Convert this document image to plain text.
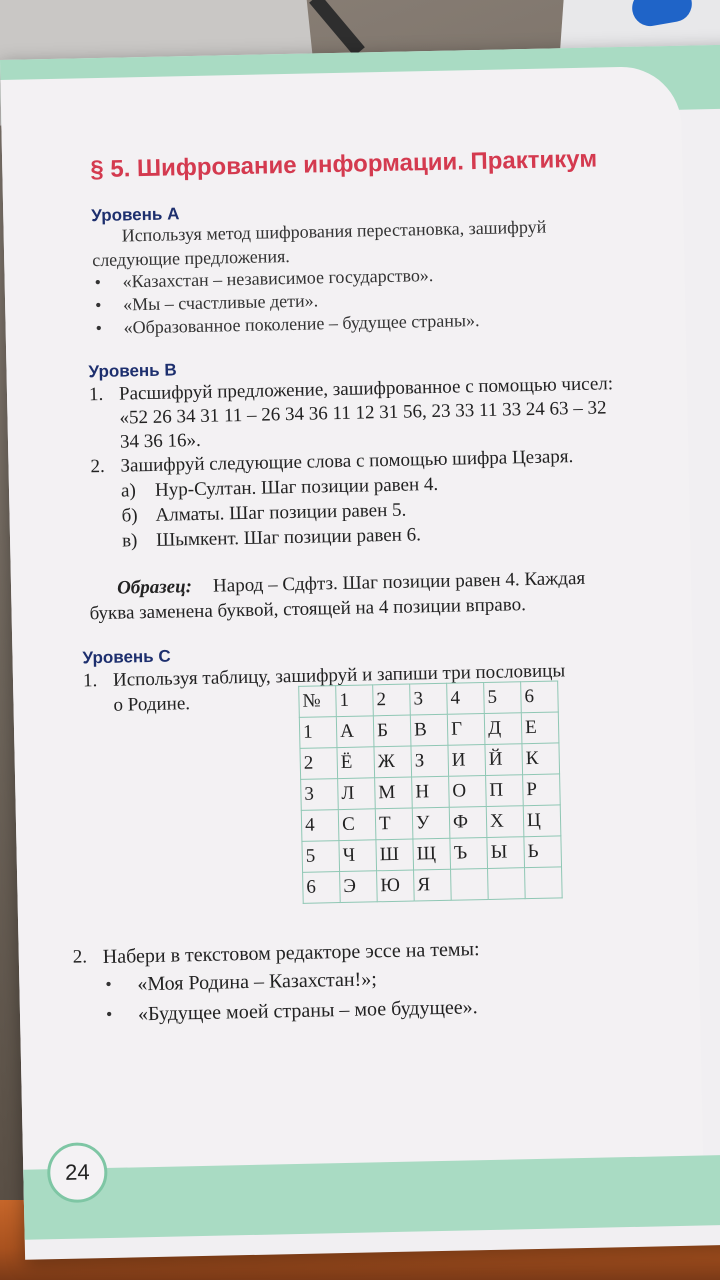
§ 5. Шифрование информации. Практикум
Уровень А
Используя метод шифрования перестановка, зашифруй
следующие предложения.
• «Казахстан – независимое государство».
• «Мы – счастливые дети».
• «Образованное поколение – будущее страны».
Уровень В
1. Расшифруй предложение, зашифрованное с помощью чисел:
«52 26 34 31 11 – 26 34 36 11 12 31 56, 23 33 11 33 24 63 – 32
34 36 16».
2. Зашифруй следующие слова с помощью шифра Цезаря.
а) Нур-Султан. Шаг позиции равен 4.
б) Алматы. Шаг позиции равен 5.
в) Шымкент. Шаг позиции равен 6.
Образец: Народ – Сдфтз. Шаг позиции равен 4. Каждая
буква заменена буквой, стоящей на 4 позиции вправо.
Уровень С
1. Используя таблицу, зашифруй и запиши три пословицы
о Родине.	№	1	2	3	4	5	6
1	А	Б	В	Г	Д	Е
2	Ё	Ж	З	И	Й	К
3	Л	М	Н	О	П	Р
4	С	Т	У	Ф	Х	Ц
5	Ч	Ш	Щ	Ъ	Ы	Ь
6	Э	Ю	Я			
2. Набери в текстовом редакторе эссе на темы:
• «Моя Родина – Казахстан!»;
• «Будущее моей страны – мое будущее».
24
